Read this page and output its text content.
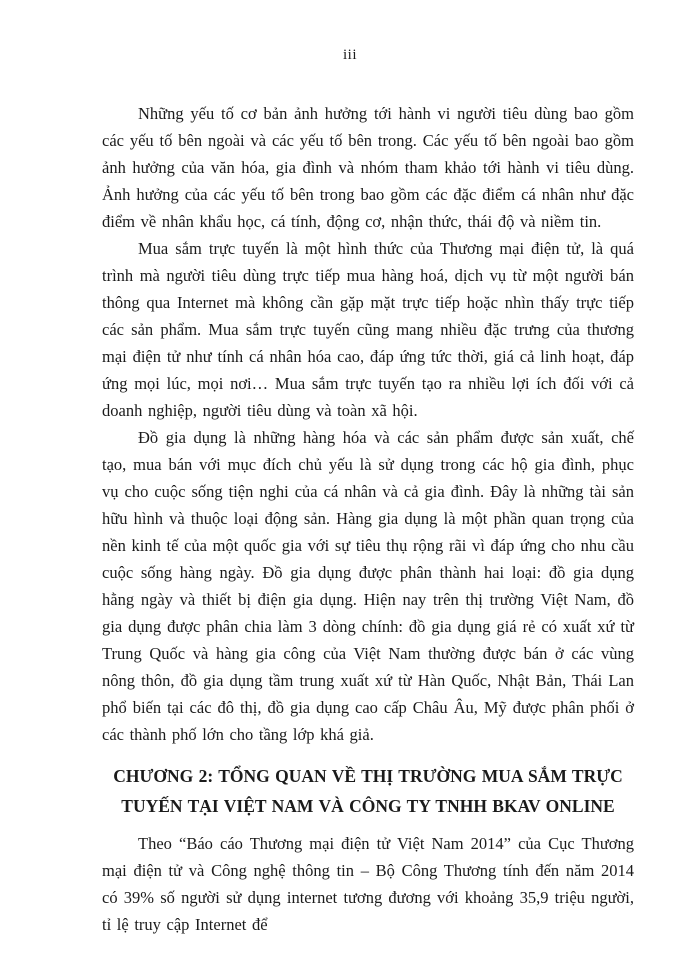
iii

Những yếu tố cơ bản ảnh hưởng tới hành vi người tiêu dùng bao gồm các yếu tố bên ngoài và các yếu tố bên trong. Các yếu tố bên ngoài bao gồm ảnh hưởng của văn hóa, gia đình và nhóm tham khảo tới hành vi tiêu dùng. Ảnh hưởng của các yếu tố bên trong bao gồm các đặc điểm cá nhân như đặc điểm về nhân khẩu học, cá tính, động cơ, nhận thức, thái độ và niềm tin.

Mua sắm trực tuyến là một hình thức của Thương mại điện tử, là quá trình mà người tiêu dùng trực tiếp mua hàng hoá, dịch vụ từ một người bán thông qua Internet mà không cần gặp mặt trực tiếp hoặc nhìn thấy trực tiếp các sản phẩm. Mua sắm trực tuyến cũng mang nhiều đặc trưng của thương mại điện tử như tính cá nhân hóa cao, đáp ứng tức thời, giá cả linh hoạt, đáp ứng mọi lúc, mọi nơi… Mua sắm trực tuyến tạo ra nhiều lợi ích đối với cả doanh nghiệp, người tiêu dùng và toàn xã hội.

Đồ gia dụng là những hàng hóa và các sản phẩm được sản xuất, chế tạo, mua bán với mục đích chủ yếu là sử dụng trong các hộ gia đình, phục vụ cho cuộc sống tiện nghi của cá nhân và cả gia đình. Đây là những tài sản hữu hình và thuộc loại động sản. Hàng gia dụng là một phần quan trọng của nền kinh tế của một quốc gia với sự tiêu thụ rộng rãi vì đáp ứng cho nhu cầu cuộc sống hàng ngày. Đồ gia dụng được phân thành hai loại: đồ gia dụng hằng ngày và thiết bị điện gia dụng. Hiện nay trên thị trường Việt Nam, đồ gia dụng được phân chia làm 3 dòng chính: đồ gia dụng giá rẻ có xuất xứ từ Trung Quốc và hàng gia công của Việt Nam thường được bán ở các vùng nông thôn, đồ gia dụng tầm trung xuất xứ từ Hàn Quốc, Nhật Bản, Thái Lan phổ biến tại các đô thị, đồ gia dụng cao cấp Châu Âu, Mỹ được phân phối ở các thành phố lớn cho tầng lớp khá giả.

CHƯƠNG 2: TỔNG QUAN VỀ THỊ TRƯỜNG MUA SẮM TRỰC
TUYẾN TẠI VIỆT NAM VÀ CÔNG TY TNHH BKAV ONLINE

Theo “Báo cáo Thương mại điện tử Việt Nam 2014” của Cục Thương mại điện tử và Công nghệ thông tin – Bộ Công Thương tính đến năm 2014 có 39% số người sử dụng internet tương đương với khoảng 35,9 triệu người, tỉ lệ truy cập Internet để
